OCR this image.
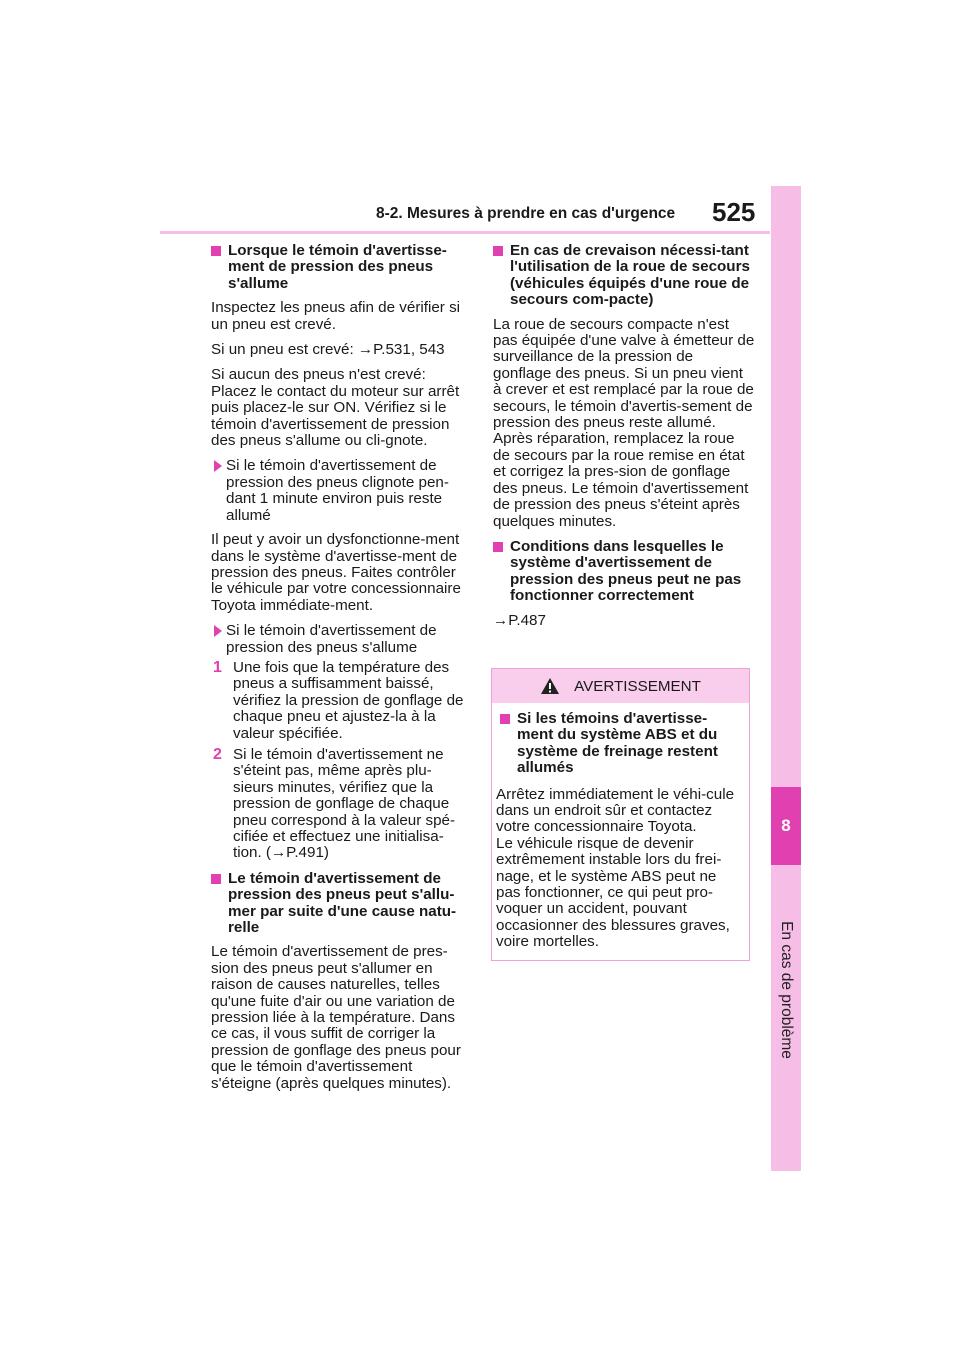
8-2. Mesures à prendre en cas d'urgence 525
8
En cas de problème
Lorsque le témoin d'avertisse-ment de pression des pneus s'allume

Inspectez les pneus afin de vérifier si un pneu est crevé.

Si un pneu est crevé: →P.531, 543

Si aucun des pneus n'est crevé: Placez le contact du moteur sur arrêt puis placez-le sur ON. Vérifiez si le témoin d'avertissement de pression des pneus s'allume ou cli-gnote.

Si le témoin d'avertissement de pression des pneus clignote pen-dant 1 minute environ puis reste allumé

Il peut y avoir un dysfonctionne-ment dans le système d'avertisse-ment de pression des pneus. Faites contrôler le véhicule par votre concessionnaire Toyota immédiate-ment.

Si le témoin d'avertissement de pression des pneus s'allume
1 Une fois que la température des pneus a suffisamment baissé, vérifiez la pression de gonflage de chaque pneu et ajustez-la à la valeur spécifiée.
2 Si le témoin d'avertissement ne s'éteint pas, même après plu-sieurs minutes, vérifiez que la pression de gonflage de chaque pneu correspond à la valeur spé-cifiée et effectuez une initialisa-tion. (→P.491)
Le témoin d'avertissement de pression des pneus peut s'allu-mer par suite d'une cause natu-relle

Le témoin d'avertissement de pres-sion des pneus peut s'allumer en raison de causes naturelles, telles qu'une fuite d'air ou une variation de pression liée à la température. Dans ce cas, il vous suffit de corriger la pression de gonflage des pneus pour que le témoin d'avertissement s'éteigne (après quelques minutes).

En cas de crevaison nécessi-tant l'utilisation de la roue de secours (véhicules équipés d'une roue de secours com-pacte)

La roue de secours compacte n'est pas équipée d'une valve à émetteur de surveillance de la pression de gonflage des pneus. Si un pneu vient à crever et est remplacé par la roue de secours, le témoin d'avertis-sement de pression des pneus reste allumé. Après réparation, remplacez la roue de secours par la roue remise en état et corrigez la pres-sion de gonflage des pneus. Le témoin d'avertissement de pression des pneus s'éteint après quelques minutes.

Conditions dans lesquelles le système d'avertissement de pression des pneus peut ne pas fonctionner correctement

→P.487

AVERTISSEMENT
Si les témoins d'avertisse-ment du système ABS et du système de freinage restent allumés

Arrêtez immédiatement le véhi-cule dans un endroit sûr et contactez votre concessionnaire Toyota.

Le véhicule risque de devenir extrêmement instable lors du frei-nage, et le système ABS peut ne pas fonctionner, ce qui peut pro-voquer un accident, pouvant occasionner des blessures graves, voire mortelles.
